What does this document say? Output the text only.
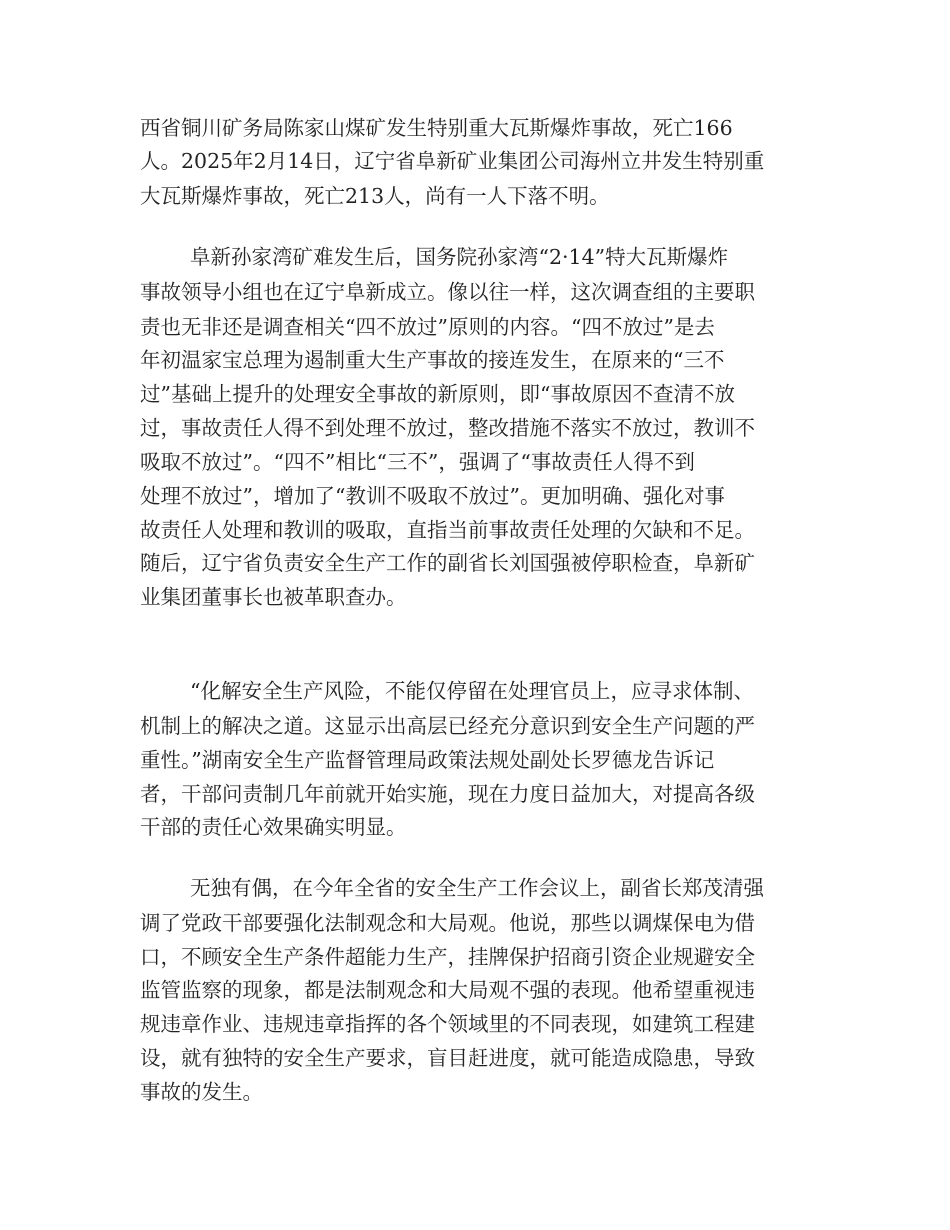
西省铜川矿务局陈家山煤矿发生特别重大瓦斯爆炸事故，死亡166
人。2025年2月14日，辽宁省阜新矿业集团公司海州立井发生特别重
大瓦斯爆炸事故，死亡213人，尚有一人下落不明。
阜新孙家湾矿难发生后，国务院孙家湾“2·14”特大瓦斯爆炸
事故领导小组也在辽宁阜新成立。像以往一样，这次调查组的主要职
责也无非还是调查相关“四不放过”原则的内容。“四不放过”是去
年初温家宝总理为遏制重大生产事故的接连发生，在原来的“三不
过”基础上提升的处理安全事故的新原则，即“事故原因不查清不放
过，事故责任人得不到处理不放过，整改措施不落实不放过，教训不
吸取不放过”。“四不”相比“三不”，强调了“事故责任人得不到
处理不放过”，增加了“教训不吸取不放过”。更加明确、强化对事
故责任人处理和教训的吸取，直指当前事故责任处理的欠缺和不足。
随后，辽宁省负责安全生产工作的副省长刘国强被停职检查，阜新矿
业集团董事长也被革职查办。
“化解安全生产风险，不能仅停留在处理官员上，应寻求体制、
机制上的解决之道。这显示出高层已经充分意识到安全生产问题的严
重性。”湖南安全生产监督管理局政策法规处副处长罗德龙告诉记
者，干部问责制几年前就开始实施，现在力度日益加大，对提高各级
干部的责任心效果确实明显。
无独有偶，在今年全省的安全生产工作会议上，副省长郑茂清强
调了党政干部要强化法制观念和大局观。他说，那些以调煤保电为借
口，不顾安全生产条件超能力生产，挂牌保护招商引资企业规避安全
监管监察的现象，都是法制观念和大局观不强的表现。他希望重视违
规违章作业、违规违章指挥的各个领域里的不同表现，如建筑工程建
设，就有独特的安全生产要求，盲目赶进度，就可能造成隐患，导致
事故的发生。
